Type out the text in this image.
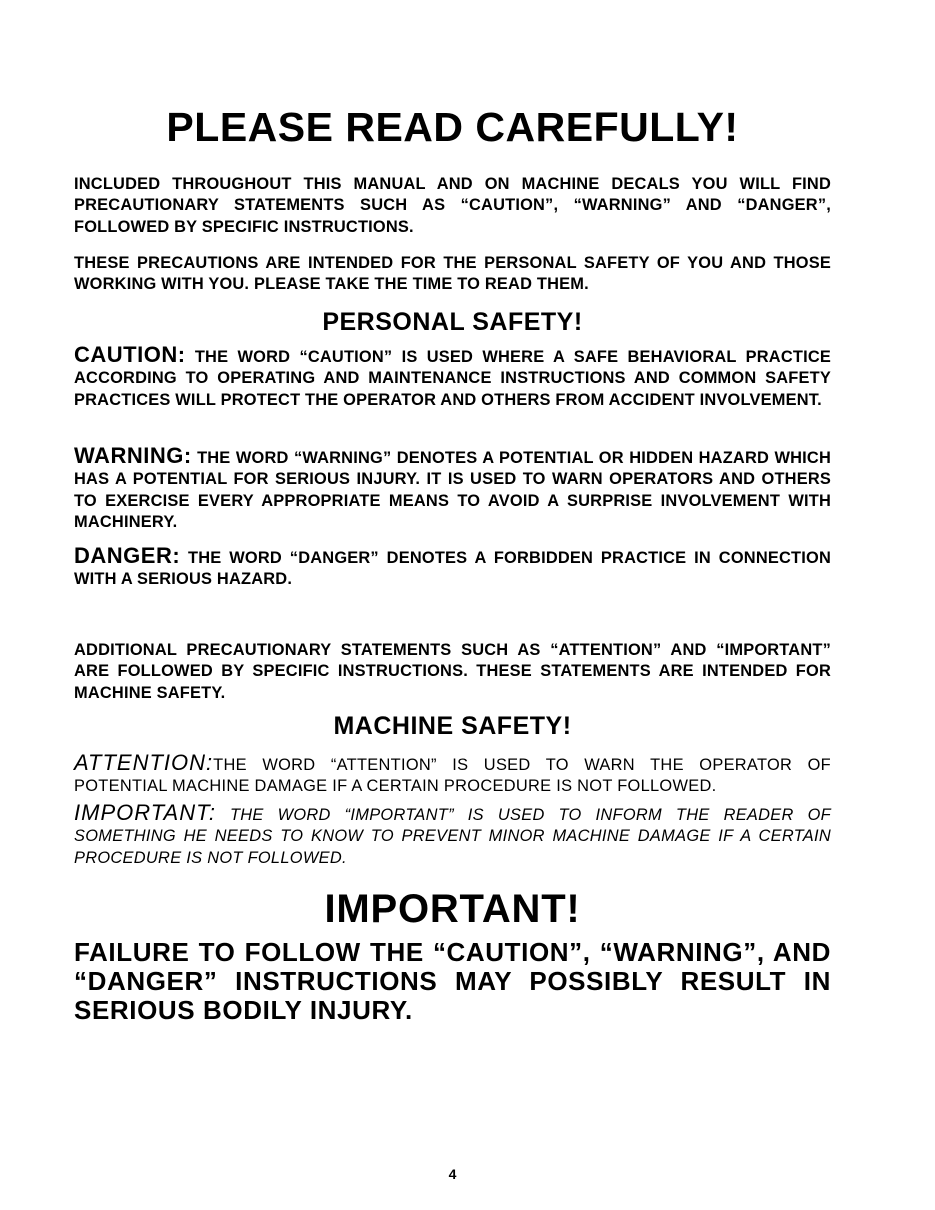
PLEASE READ CAREFULLY!

INCLUDED THROUGHOUT THIS MANUAL AND ON MACHINE DECALS YOU WILL FIND PRECAUTIONARY STATEMENTS SUCH AS “CAUTION”, “WARNING” AND “DANGER”, FOLLOWED BY SPECIFIC INSTRUCTIONS.

THESE PRECAUTIONS ARE INTENDED FOR THE PERSONAL SAFETY OF YOU AND THOSE WORKING WITH YOU. PLEASE TAKE THE TIME TO READ THEM.

PERSONAL SAFETY!

CAUTION: THE WORD “CAUTION” IS USED WHERE A SAFE BEHAVIORAL PRACTICE ACCORDING TO OPERATING AND MAINTENANCE INSTRUCTIONS AND COMMON SAFETY PRACTICES WILL PROTECT THE OPERATOR AND OTHERS FROM ACCIDENT INVOLVEMENT.

WARNING: THE WORD “WARNING” DENOTES A POTENTIAL OR HIDDEN HAZARD WHICH HAS A POTENTIAL FOR SERIOUS INJURY. IT IS USED TO WARN OPERATORS AND OTHERS TO EXERCISE EVERY APPROPRIATE MEANS TO AVOID A SURPRISE INVOLVEMENT WITH MACHINERY.

DANGER: THE WORD “DANGER” DENOTES A FORBIDDEN PRACTICE IN CONNECTION WITH A SERIOUS HAZARD.

ADDITIONAL PRECAUTIONARY STATEMENTS SUCH AS “ATTENTION” AND “IMPORTANT” ARE FOLLOWED BY SPECIFIC INSTRUCTIONS. THESE STATEMENTS ARE INTENDED FOR MACHINE SAFETY.

MACHINE SAFETY!

ATTENTION:THE WORD “ATTENTION” IS USED TO WARN THE OPERATOR OF POTENTIAL MACHINE DAMAGE IF A CERTAIN PROCEDURE IS NOT FOLLOWED.

IMPORTANT: THE WORD “IMPORTANT” IS USED TO INFORM THE READER OF SOMETHING HE NEEDS TO KNOW TO PREVENT MINOR MACHINE DAMAGE IF A CERTAIN PROCEDURE IS NOT FOLLOWED.

IMPORTANT!

FAILURE TO FOLLOW THE “CAUTION”, “WARNING”, AND “DANGER” INSTRUCTIONS MAY POSSIBLY RESULT IN SERIOUS BODILY INJURY.

4
